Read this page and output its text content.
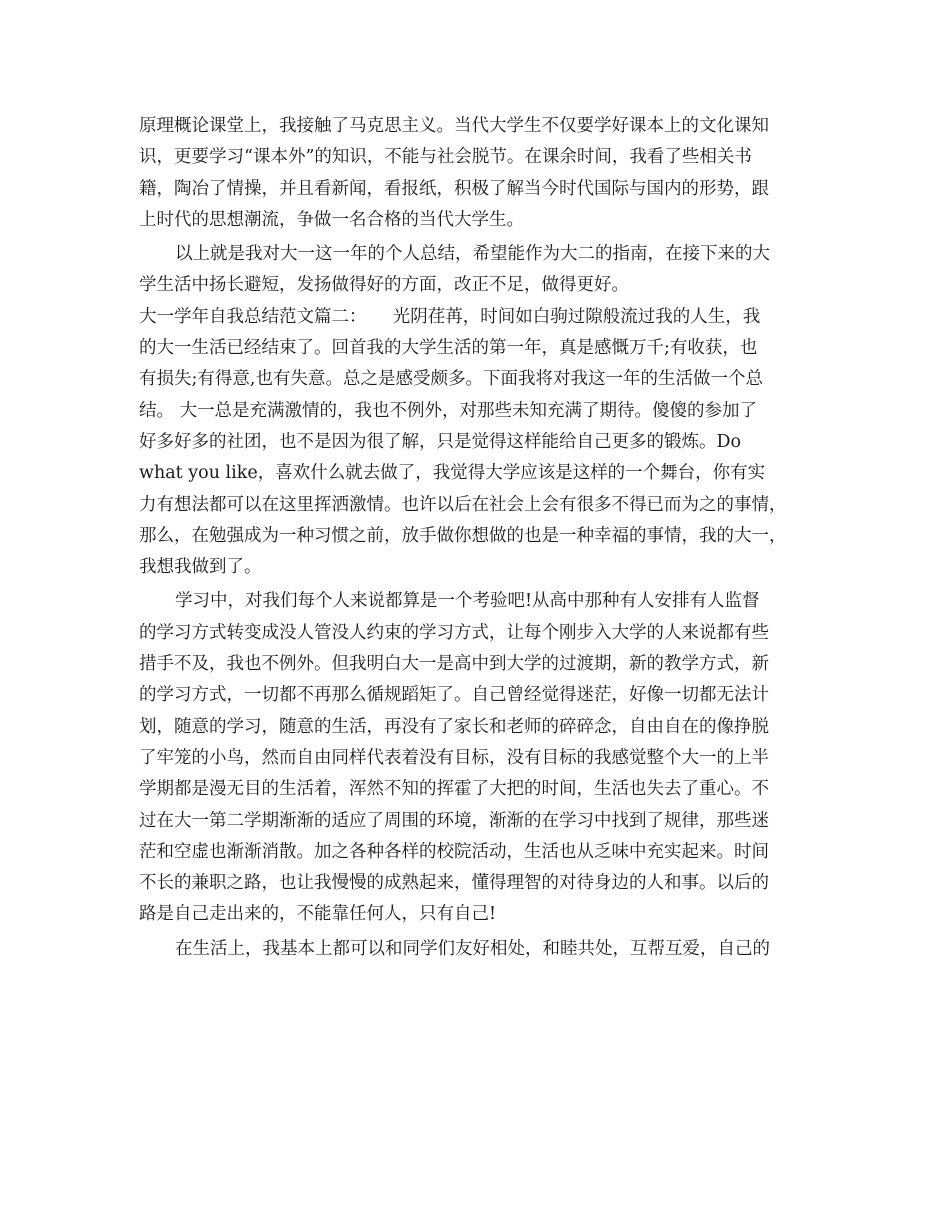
原理概论课堂上，我接触了马克思主义。当代大学生不仅要学好课本上的文化课知
识，更要学习“课本外”的知识，不能与社会脱节。在课余时间，我看了些相关书
籍，陶冶了情操，并且看新闻，看报纸，积极了解当今时代国际与国内的形势，跟
上时代的思想潮流，争做一名合格的当代大学生。
以上就是我对大一这一年的个人总结，希望能作为大二的指南，在接下来的大
学生活中扬长避短，发扬做得好的方面，改正不足，做得更好。
大一学年自我总结范文篇二：　　光阴荏苒，时间如白驹过隙般流过我的人生，我
的大一生活已经结束了。回首我的大学生活的第一年，真是感慨万千;有收获，也
有损失;有得意,也有失意。总之是感受颇多。下面我将对我这一年的生活做一个总
结。 大一总是充满激情的，我也不例外，对那些未知充满了期待。傻傻的参加了
好多好多的社团，也不是因为很了解，只是觉得这样能给自己更多的锻炼。Do
what you like，喜欢什么就去做了，我觉得大学应该是这样的一个舞台，你有实
力有想法都可以在这里挥洒激情。也许以后在社会上会有很多不得已而为之的事情，
那么，在勉强成为一种习惯之前，放手做你想做的也是一种幸福的事情，我的大一，
我想我做到了。
学习中，对我们每个人来说都算是一个考验吧!从高中那种有人安排有人监督
的学习方式转变成没人管没人约束的学习方式，让每个刚步入大学的人来说都有些
措手不及，我也不例外。但我明白大一是高中到大学的过渡期，新的教学方式，新
的学习方式，一切都不再那么循规蹈矩了。自己曾经觉得迷茫，好像一切都无法计
划，随意的学习，随意的生活，再没有了家长和老师的碎碎念，自由自在的像挣脱
了牢笼的小鸟，然而自由同样代表着没有目标，没有目标的我感觉整个大一的上半
学期都是漫无目的生活着，浑然不知的挥霍了大把的时间，生活也失去了重心。不
过在大一第二学期渐渐的适应了周围的环境，渐渐的在学习中找到了规律，那些迷
茫和空虚也渐渐消散。加之各种各样的校院活动，生活也从乏味中充实起来。时间
不长的兼职之路，也让我慢慢的成熟起来，懂得理智的对待身边的人和事。以后的
路是自己走出来的，不能靠任何人，只有自己!
在生活上，我基本上都可以和同学们友好相处，和睦共处，互帮互爱，自己的
